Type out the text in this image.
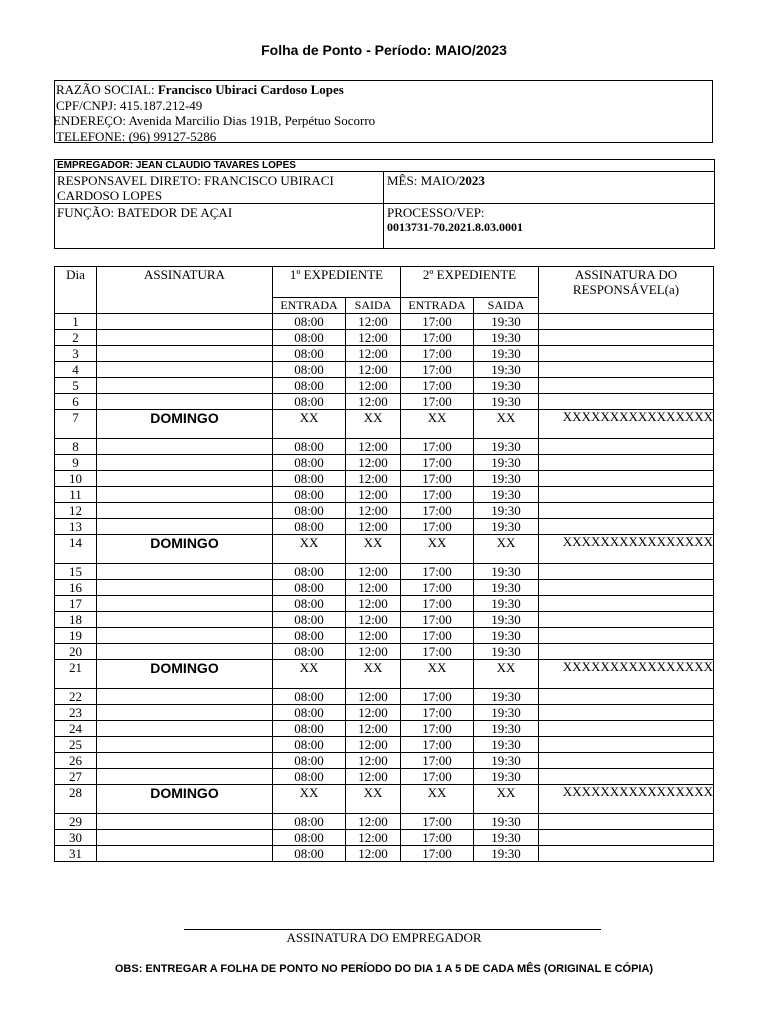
Folha de Ponto - Período: MAIO/2023
RAZÃO SOCIAL: Francisco Ubiraci Cardoso Lopes
CPF/CNPJ: 415.187.212-49
ENDEREÇO: Avenida Marcilio Dias 191B, Perpétuo Socorro
TELEFONE: (96) 99127-5286
EMPREGADOR: JEAN CLAUDIO TAVARES LOPES
RESPONSAVEL DIRETO: FRANCISCO UBIRACI CARDOSO LOPES
MÊS: MAIO/2023
FUNÇÃO: BATEDOR DE AÇAI	PROCESSO/VEP:
0013731-70.2021.8.03.0001
Dia	ASSINATURA	1º EXPEDIENTE		2º EXPEDIENTE		ASSINATURA DO RESPONSÁVEL(a)
		ENTRADA	SAIDA	ENTRADA	SAIDA	
1		08:00	12:00	17:00	19:30	
2		08:00	12:00	17:00	19:30	
3		08:00	12:00	17:00	19:30	
4		08:00	12:00	17:00	19:30	
5		08:00	12:00	17:00	19:30	
6		08:00	12:00	17:00	19:30	
7	DOMINGO	XX	XX	XX	XX	XXXXXXXXXXXXXXXX
8		08:00	12:00	17:00	19:30	
9		08:00	12:00	17:00	19:30	
10		08:00	12:00	17:00	19:30	
11		08:00	12:00	17:00	19:30	
12		08:00	12:00	17:00	19:30	
13		08:00	12:00	17:00	19:30	
14	DOMINGO	XX	XX	XX	XX	XXXXXXXXXXXXXXXX
15		08:00	12:00	17:00	19:30	
16		08:00	12:00	17:00	19:30	
17		08:00	12:00	17:00	19:30	
18		08:00	12:00	17:00	19:30	
19		08:00	12:00	17:00	19:30	
20		08:00	12:00	17:00	19:30	
21	DOMINGO	XX	XX	XX	XX	XXXXXXXXXXXXXXXX
22		08:00	12:00	17:00	19:30	
23		08:00	12:00	17:00	19:30	
24		08:00	12:00	17:00	19:30	
25		08:00	12:00	17:00	19:30	
26		08:00	12:00	17:00	19:30	
27		08:00	12:00	17:00	19:30	
28	DOMINGO	XX	XX	XX	XX	XXXXXXXXXXXXXXXX
29		08:00	12:00	17:00	19:30	
30		08:00	12:00	17:00	19:30	
31		08:00	12:00	17:00	19:30	
ASSINATURA DO EMPREGADOR
OBS: ENTREGAR A FOLHA DE PONTO NO PERÍODO DO DIA 1 A 5 DE CADA MÊS (ORIGINAL E CÓPIA)
